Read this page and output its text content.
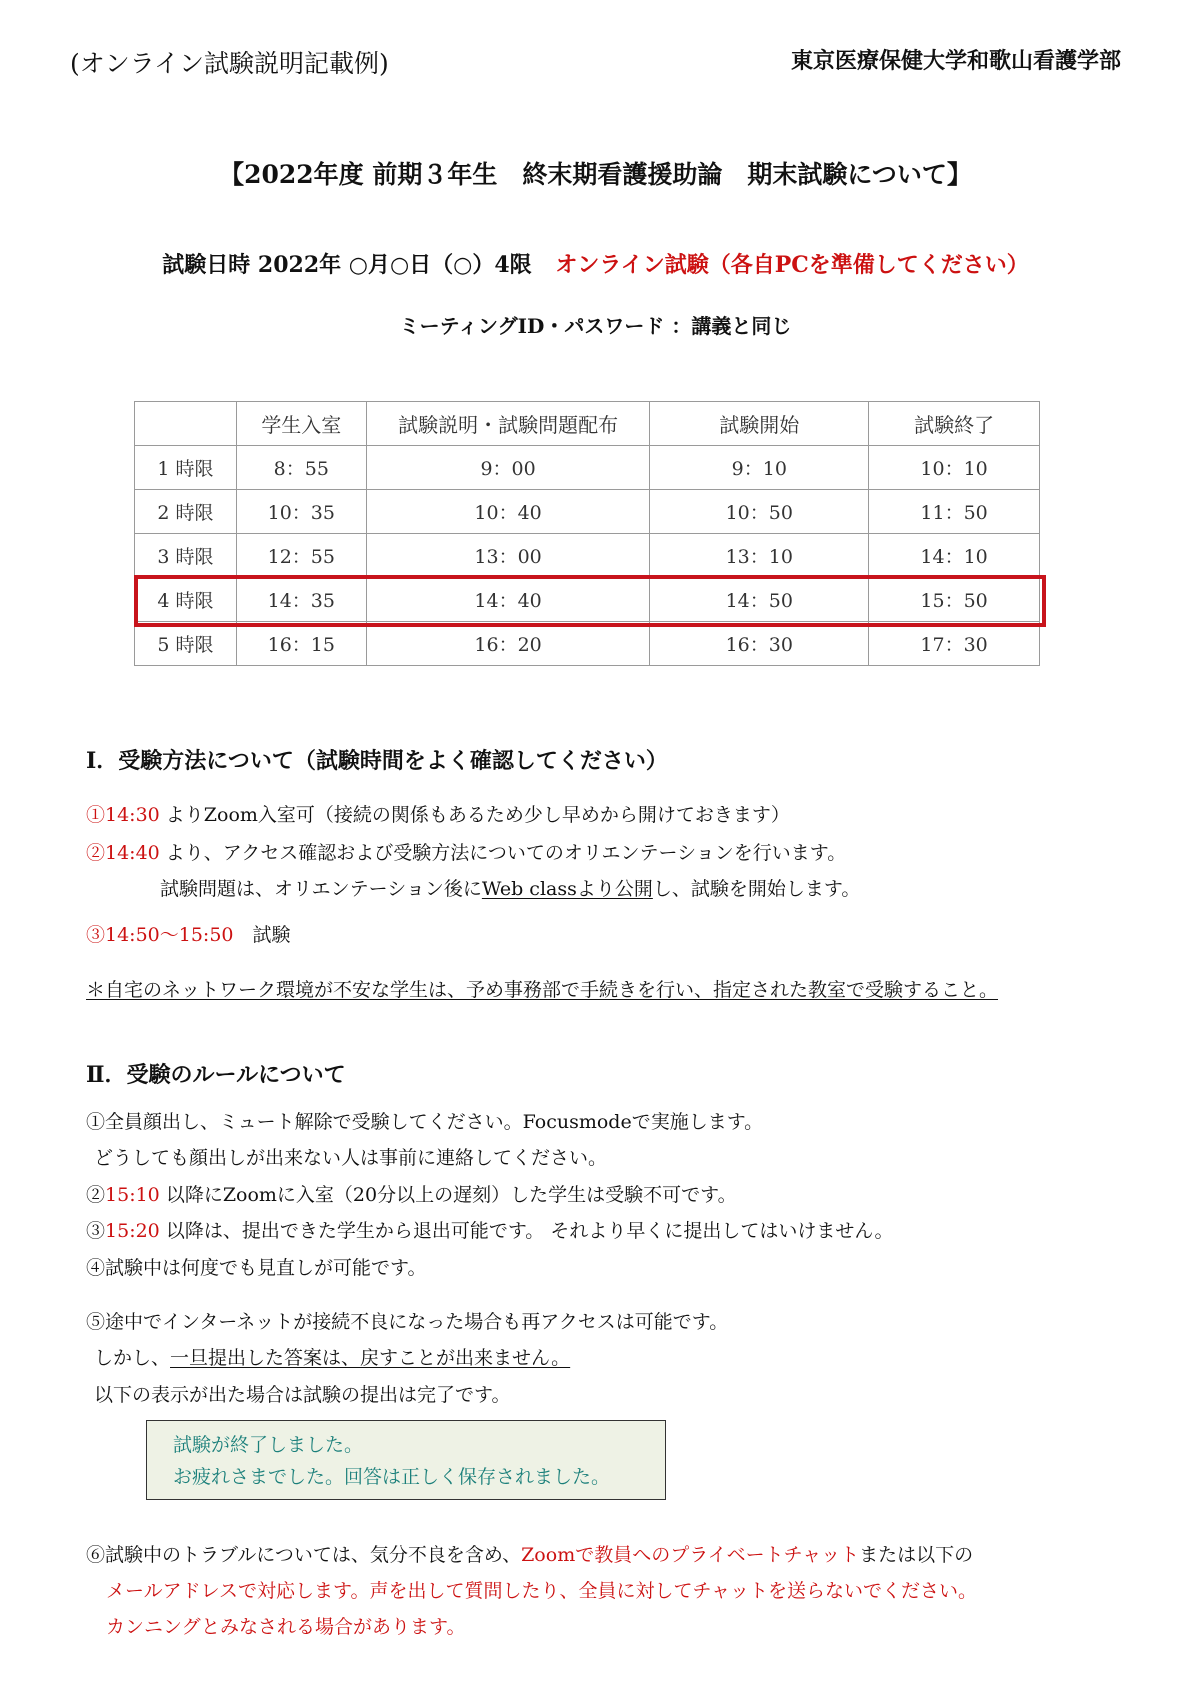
(オンライン試験説明記載例)	東京医療保健大学和歌山看護学部
【2022年度 前期３年生　終末期看護援助論　期末試験について】
試験日時 2022年 ○月○日（○）4限 オンライン試験（各自PCを準備してください）
ミーティングID・パスワード ：講義と同じ
	学生入室	試験説明・試験問題配布	試験開始	試験終了
1 時限	8：55	9：00	9：10	10：10
2 時限	10：35	10：40	10：50	11：50
3 時限	12：55	13：00	13：10	14：10
4 時限	14：35	14：40	14：50	15：50
5 時限	16：15	16：20	16：30	17：30
Ⅰ．受験方法について（試験時間をよく確認してください）
①14:30 よりZoom入室可（接続の関係もあるため少し早めから開けておきます）
②14:40 より、アクセス確認および受験方法についてのオリエンテーションを行います。
試験問題は、オリエンテーション後にWeb classより公開し、試験を開始します。
③14:50～15:50　試験
＊自宅のネットワーク環境が不安な学生は、予め事務部で手続きを行い、指定された教室で受験すること。
Ⅱ．受験のルールについて
①全員顔出し、ミュート解除で受験してください。Focusmodeで実施します。
どうしても顔出しが出来ない人は事前に連絡してください。
②15:10 以降にZoomに入室（20分以上の遅刻）した学生は受験不可です。
③15:20 以降は、提出できた学生から退出可能です。 それより早くに提出してはいけません。
④試験中は何度でも見直しが可能です。
⑤途中でインターネットが接続不良になった場合も再アクセスは可能です。
しかし、一旦提出した答案は、戻すことが出来ません。
以下の表示が出た場合は試験の提出は完了です。
試験が終了しました。
お疲れさまでした。回答は正しく保存されました。
⑥試験中のトラブルについては、気分不良を含め、Zoomで教員へのプライベートチャットまたは以下の
メールアドレスで対応します。声を出して質問したり、全員に対してチャットを送らないでください。
カンニングとみなされる場合があります。
